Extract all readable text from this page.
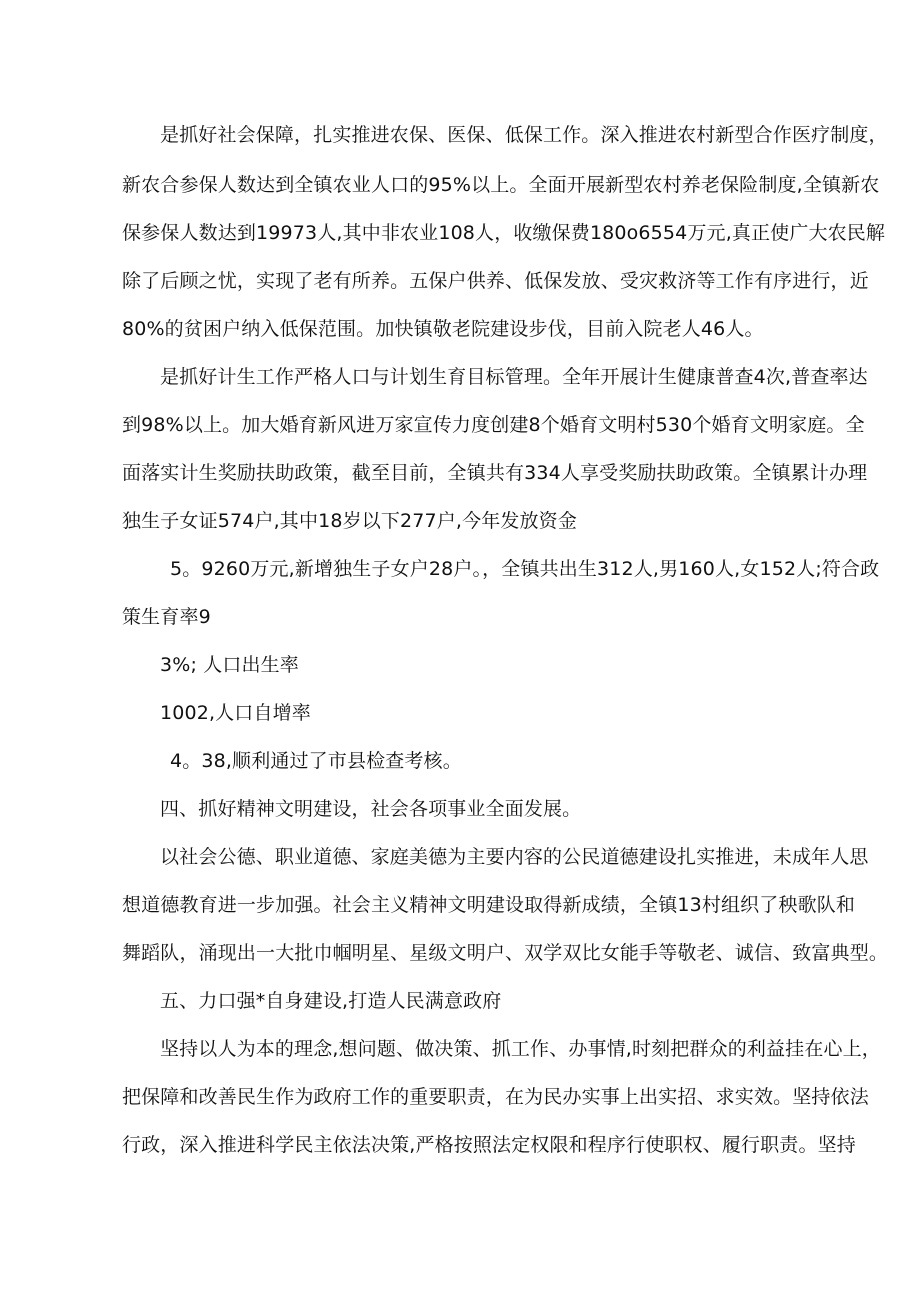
是抓好社会保障，扎实推进农保、医保、低保工作。深入推进农村新型合作医疗制度，

新农合参保人数达到全镇农业人口的95%以上。全面开展新型农村养老保险制度,全镇新农

保参保人数达到19973人,其中非农业108人，收缴保费180o6554万元,真正使广大农民解

除了后顾之忧，实现了老有所养。五保户供养、低保发放、受灾救济等工作有序进行，近

80%的贫困户纳入低保范围。加快镇敬老院建设步伐，目前入院老人46人。

是抓好计生工作严格人口与计划生育目标管理。全年开展计生健康普查4次,普查率达

到98%以上。加大婚育新风进万家宣传力度创建8个婚育文明村530个婚育文明家庭。全

面落实计生奖励扶助政策，截至目前，全镇共有334人享受奖励扶助政策。全镇累计办理

独生子女证574户,其中18岁以下277户,今年发放资金

5。9260万元,新增独生子女户28户。，全镇共出生312人,男160人,女152人;符合政

策生育率9

3%; 人口出生率

1002,人口自增率

4。38,顺利通过了市县检查考核。

四、抓好精神文明建设，社会各项事业全面发展。

以社会公德、职业道德、家庭美德为主要内容的公民道德建设扎实推进，未成年人思

想道德教育进一步加强。社会主义精神文明建设取得新成绩，全镇13村组织了秧歌队和

舞蹈队，涌现出一大批巾帼明星、星级文明户、双学双比女能手等敬老、诚信、致富典型。

五、力口强*自身建设,打造人民满意政府

坚持以人为本的理念,想问题、做决策、抓工作、办事情,时刻把群众的利益挂在心上，

把保障和改善民生作为政府工作的重要职责，在为民办实事上出实招、求实效。坚持依法

行政，深入推进科学民主依法决策,严格按照法定权限和程序行使职权、履行职责。坚持
